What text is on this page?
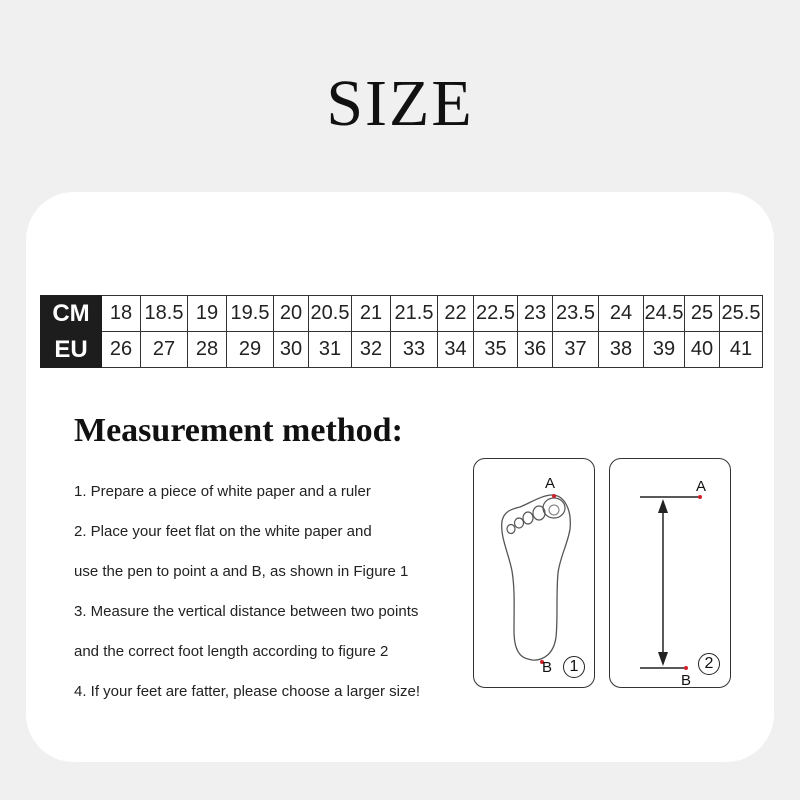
SIZE
CM	18	18.5	19	19.5	20	20.5	21	21.5	22	22.5	23	23.5	24	24.5	25	25.5
EU	26	27	28	29	30	31	32	33	34	35	36	37	38	39	40	41
Measurement method:
1. Prepare a piece of white paper and a ruler
2. Place your feet flat on the white paper and
use the pen to point a and B, as shown in Figure 1
3. Measure the vertical distance between two points
and the correct foot length according to figure 2
4. If your feet are fatter, please choose a larger size!
A
B	1
A
B
2
